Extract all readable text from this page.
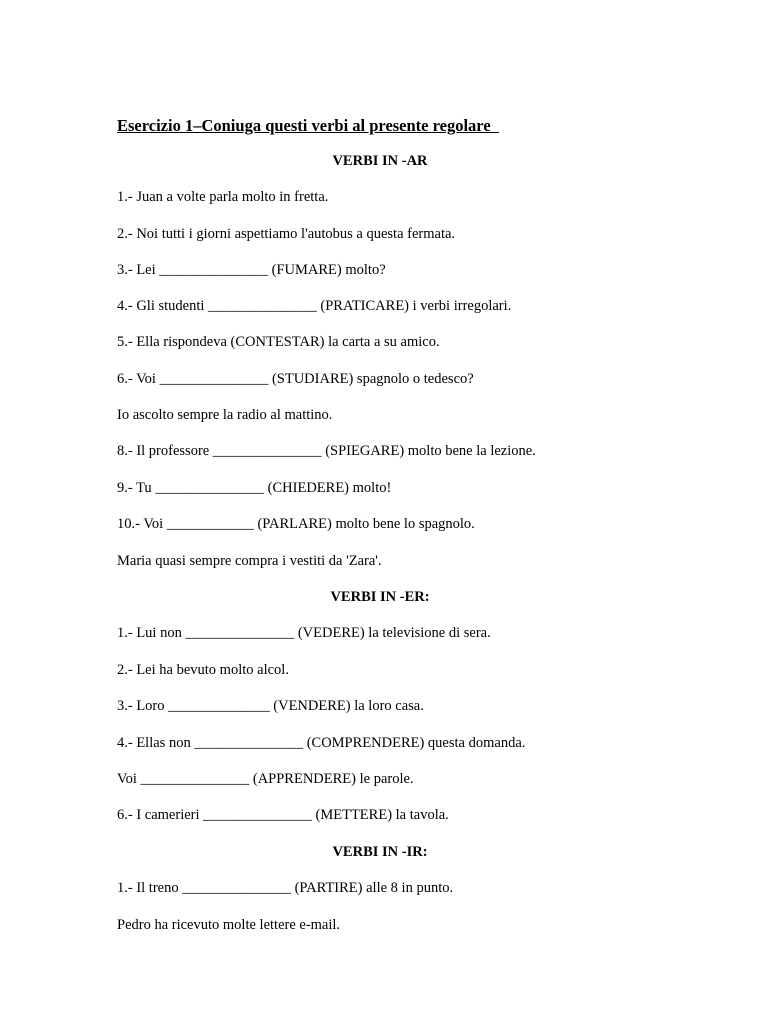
Esercizio 1–Coniuga questi verbi al presente regolare
VERBI IN -AR
1.- Juan a volte parla molto in fretta.
2.- Noi tutti i giorni aspettiamo l'autobus a questa fermata.
3.- Lei _______________ (FUMARE) molto?
4.- Gli studenti _______________ (PRATICARE) i verbi irregolari.
5.- Ella rispondeva (CONTESTAR) la carta a su amico.
6.- Voi _______________ (STUDIARE) spagnolo o tedesco?
Io ascolto sempre la radio al mattino.
8.- Il professore _______________ (SPIEGARE) molto bene la lezione.
9.- Tu _______________ (CHIEDERE) molto!
10.- Voi ____________ (PARLARE) molto bene lo spagnolo.
Maria quasi sempre compra i vestiti da 'Zara'.
VERBI IN -ER:
1.- Lui non _______________ (VEDERE) la televisione di sera.
2.- Lei ha bevuto molto alcol.
3.- Loro ______________ (VENDERE) la loro casa.
4.- Ellas non _______________ (COMPRENDERE) questa domanda.
Voi _______________ (APPRENDERE) le parole.
6.- I camerieri _______________ (METTERE) la tavola.
VERBI IN -IR:
1.- Il treno _______________ (PARTIRE) alle 8 in punto.
Pedro ha ricevuto molte lettere e-mail.
